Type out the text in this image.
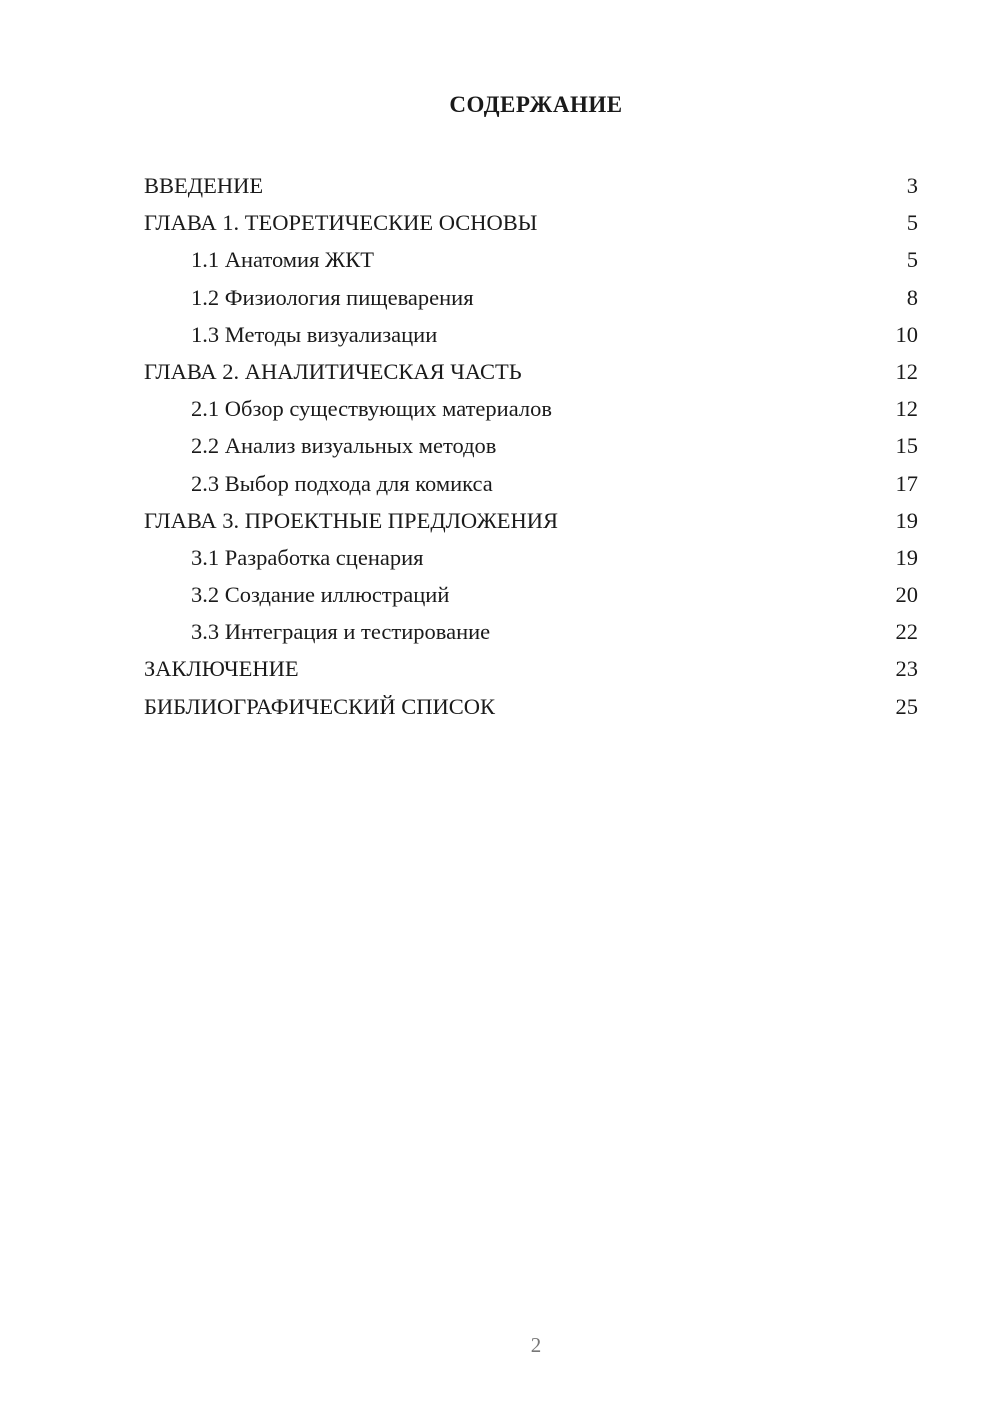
СОДЕРЖАНИЕ
ВВЕДЕНИЕ	3
ГЛАВА 1. ТЕОРЕТИЧЕСКИЕ ОСНОВЫ	5
1.1 Анатомия ЖКТ	5
1.2 Физиология пищеварения	8
1.3 Методы визуализации	10
ГЛАВА 2. АНАЛИТИЧЕСКАЯ ЧАСТЬ	12
2.1 Обзор существующих материалов	12
2.2 Анализ визуальных методов	15
2.3 Выбор подхода для комикса	17
ГЛАВА 3. ПРОЕКТНЫЕ ПРЕДЛОЖЕНИЯ	19
3.1 Разработка сценария	19
3.2 Создание иллюстраций	20
3.3 Интеграция и тестирование	22
ЗАКЛЮЧЕНИЕ	23
БИБЛИОГРАФИЧЕСКИЙ СПИСОК	25
2
